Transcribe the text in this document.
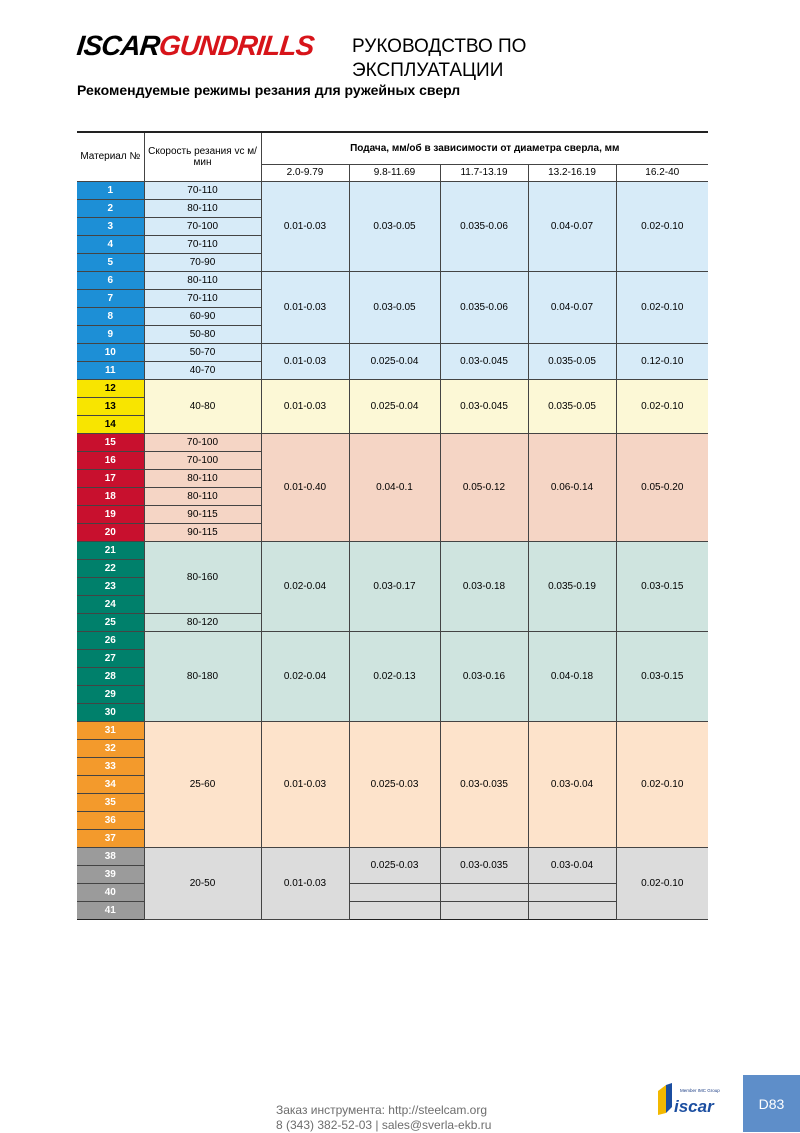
ISCARGUNDRILLS РУКОВОДСТВО ПО
ЭКСПЛУАТАЦИИ
Рекомендуемые режимы резания для ружейных сверл
Материал №	Скорость резания vc м/мин	Подача, мм/об в зависимости от диаметра сверла, мм				
		2.0-9.79	9.8-11.69	11.7-13.19	13.2-16.19	16.2-40
1	70-110	0.01-0.03	0.03-0.05	0.035-0.06	0.04-0.07	0.02-0.10
2	80-110					
3	70-100					
4	70-110					
5	70-90					
6	80-110	0.01-0.03	0.03-0.05	0.035-0.06	0.04-0.07	0.02-0.10
7	70-110					
8	60-90					
9	50-80					
10	50-70	0.01-0.03	0.025-0.04	0.03-0.045	0.035-0.05	0.12-0.10
11	40-70					
12	40-80	0.01-0.03	0.025-0.04	0.03-0.045	0.035-0.05	0.02-0.10
13						
14						
15	70-100	0.01-0.40	0.04-0.1	0.05-0.12	0.06-0.14	0.05-0.20
16	70-100					
17	80-110					
18	80-110					
19	90-115					
20	90-115					
21	80-160	0.02-0.04	0.03-0.17	0.03-0.18	0.035-0.19	0.03-0.15
22						
23						
24						
25	80-120					
26	80-180	0.02-0.04	0.02-0.13	0.03-0.16	0.04-0.18	0.03-0.15
27						
28						
29						
30						
31	25-60	0.01-0.03	0.025-0.03	0.03-0.035	0.03-0.04	0.02-0.10
32						
33						
34						
35						
36						
37						
38	20-50	0.01-0.03	0.025-0.03	0.03-0.035	0.03-0.04	0.02-0.10
39						
40						
41						
Заказ инструмента: http://steelcam.org
8 (343) 382-52-03 | sales@sverla-ekb.ru
Member IMC Group
iscar	D83
